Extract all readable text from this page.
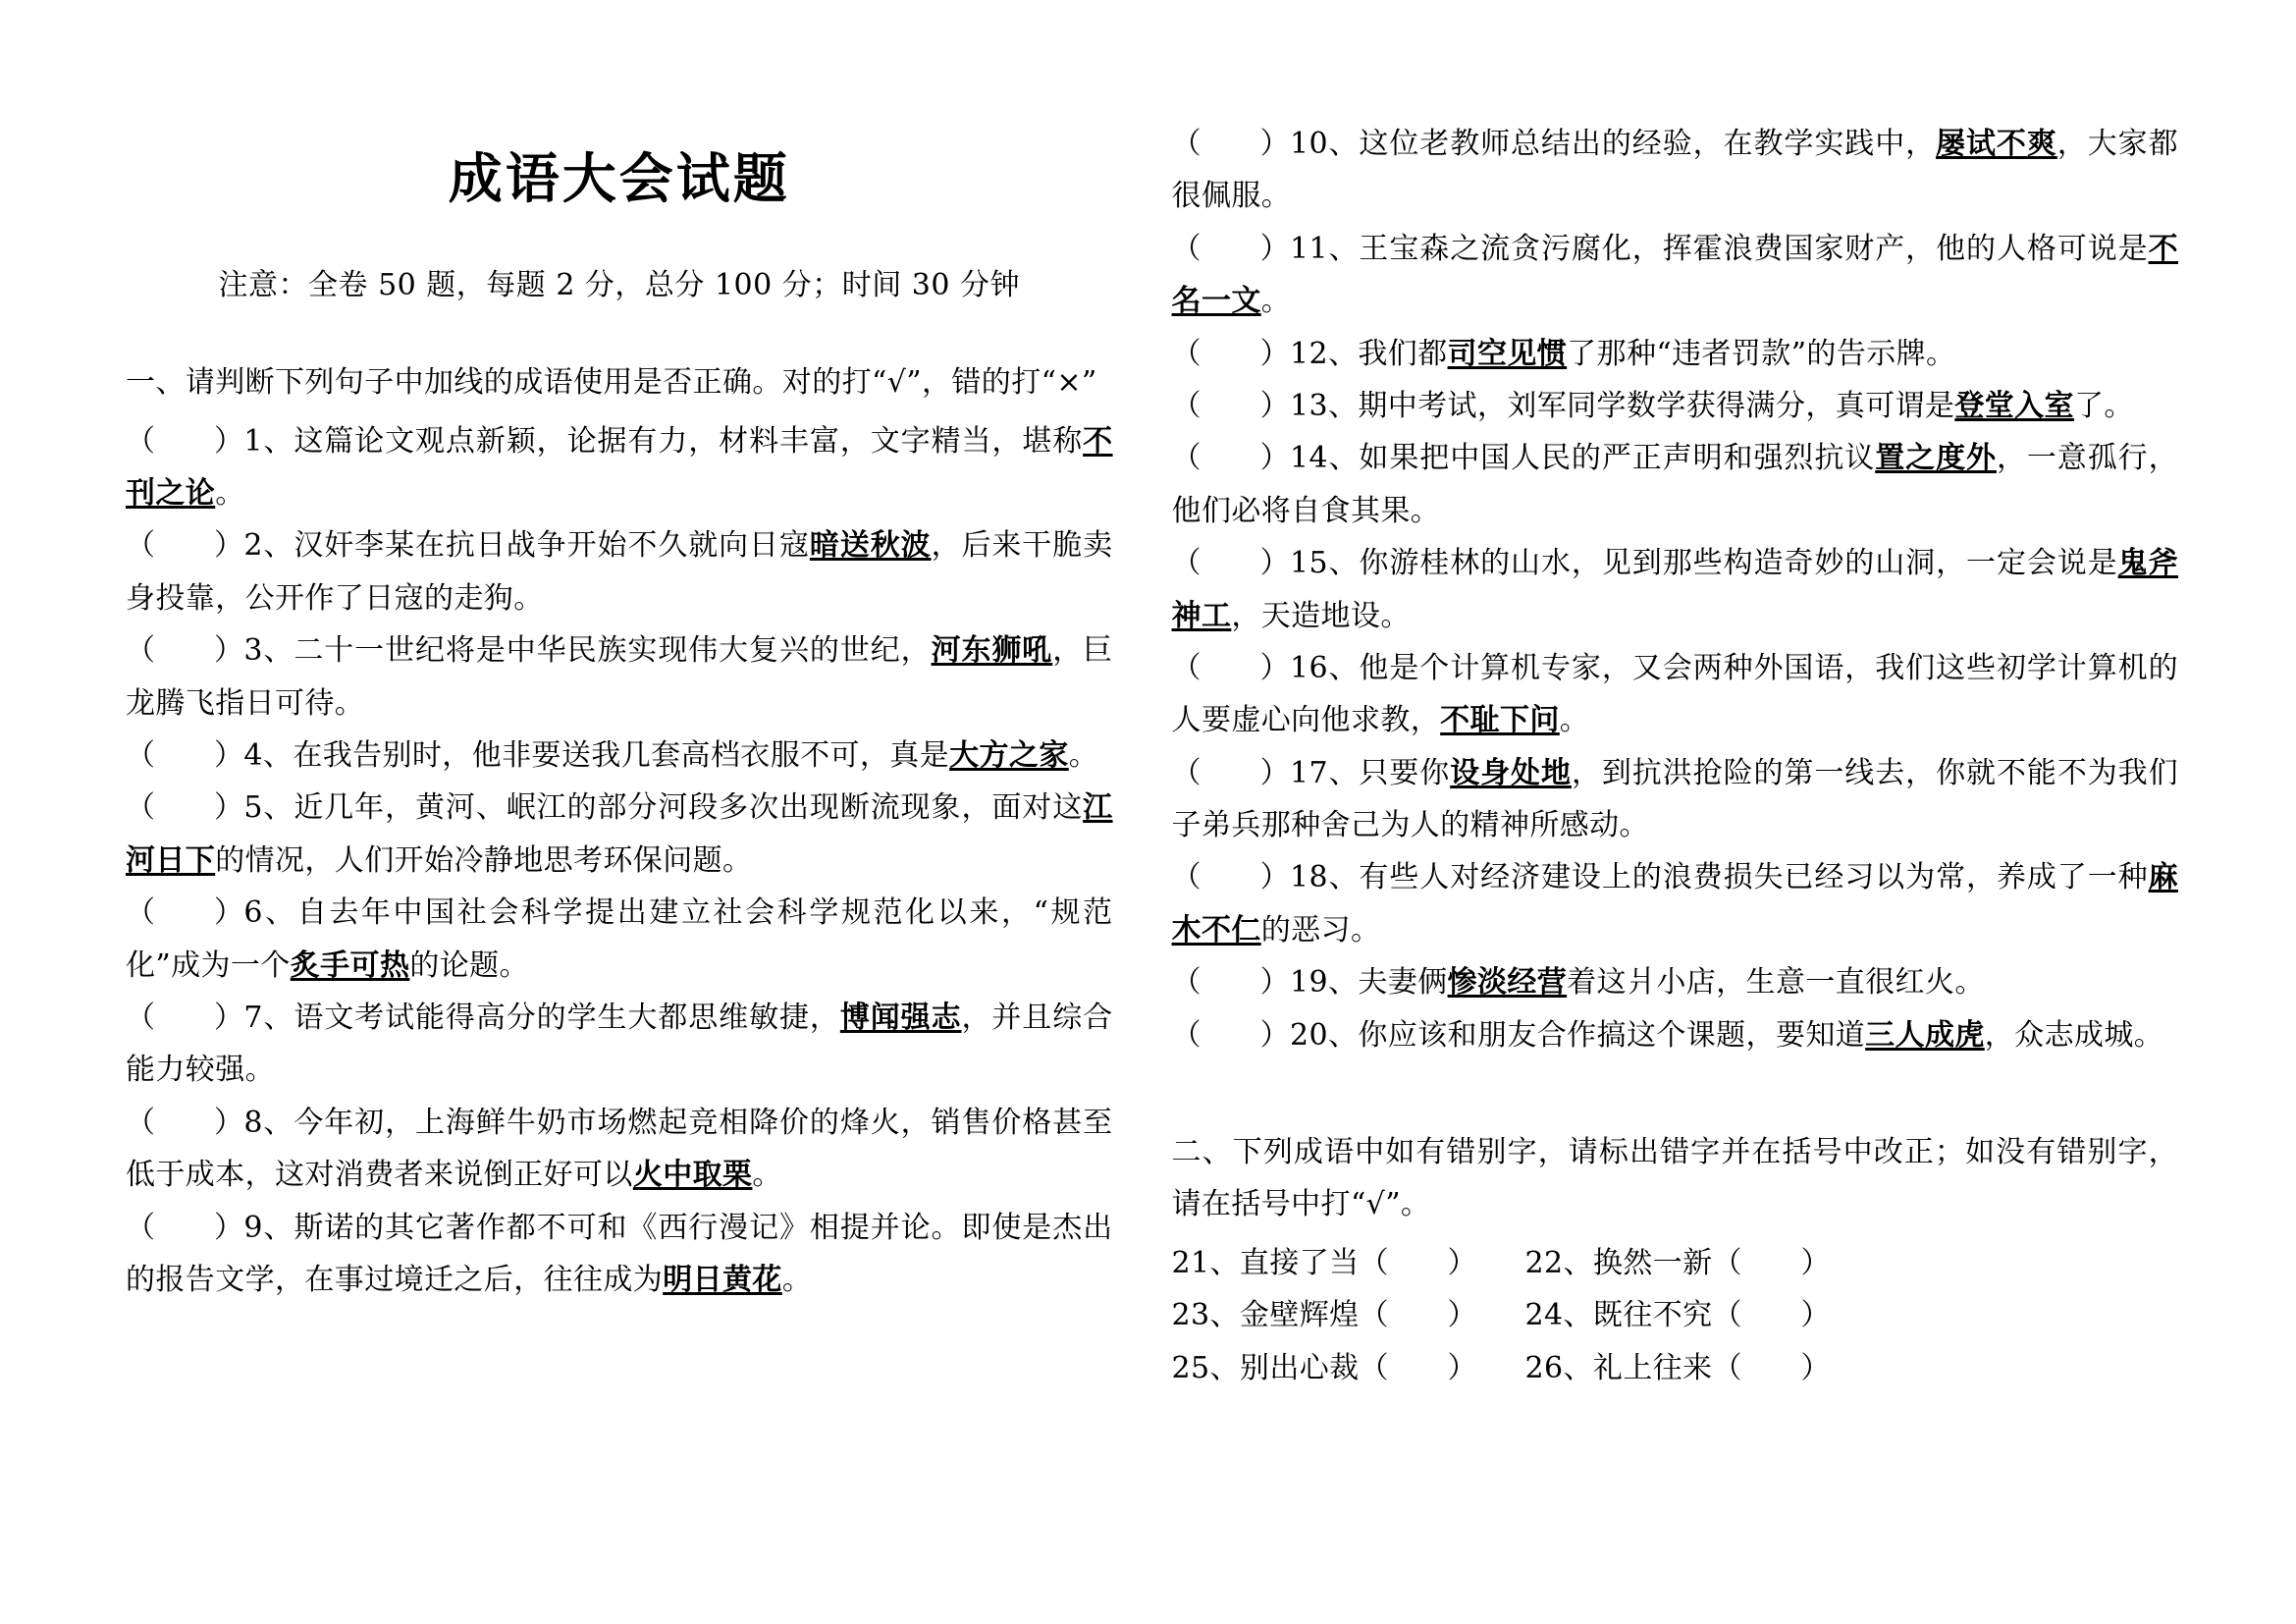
成语大会试题

注意：全卷 50 题，每题 2 分，总分 100 分；时间 30 分钟

一、请判断下列句子中加线的成语使用是否正确。对的打“√”，错的打“×”

（      ）1、这篇论文观点新颖，论据有力，材料丰富，文字精当，堪称不刊之论。

（      ）2、汉奸李某在抗日战争开始不久就向日寇暗送秋波，后来干脆卖身投靠，公开作了日寇的走狗。

（      ）3、二十一世纪将是中华民族实现伟大复兴的世纪，河东狮吼，巨龙腾飞指日可待。

（      ）4、在我告别时，他非要送我几套高档衣服不可，真是大方之家。

（      ）5、近几年，黄河、岷江的部分河段多次出现断流现象，面对这江河日下的情况，人们开始冷静地思考环保问题。

（      ）6、自去年中国社会科学提出建立社会科学规范化以来，“规范化”成为一个炙手可热的论题。

（      ）7、语文考试能得高分的学生大都思维敏捷，博闻强志，并且综合能力较强。

（      ）8、今年初，上海鲜牛奶市场燃起竞相降价的烽火，销售价格甚至低于成本，这对消费者来说倒正好可以火中取栗。

（      ）9、斯诺的其它著作都不可和《西行漫记》相提并论。即使是杰出的报告文学，在事过境迁之后，往往成为明日黄花。

（      ）10、这位老教师总结出的经验，在教学实践中，屡试不爽，大家都很佩服。

（      ）11、王宝森之流贪污腐化，挥霍浪费国家财产，他的人格可说是不名一文。

（      ）12、我们都司空见惯了那种“违者罚款”的告示牌。

（      ）13、期中考试，刘军同学数学获得满分，真可谓是登堂入室了。

（      ）14、如果把中国人民的严正声明和强烈抗议置之度外，一意孤行，他们必将自食其果。

（      ）15、你游桂林的山水，见到那些构造奇妙的山洞，一定会说是鬼斧神工，天造地设。

（      ）16、他是个计算机专家，又会两种外国语，我们这些初学计算机的人要虚心向他求教，不耻下问。

（      ）17、只要你设身处地，到抗洪抢险的第一线去，你就不能不为我们子弟兵那种舍己为人的精神所感动。

（      ）18、有些人对经济建设上的浪费损失已经习以为常，养成了一种麻木不仁的恶习。

（      ）19、夫妻俩惨淡经营着这爿小店，生意一直很红火。

（      ）20、你应该和朋友合作搞这个课题，要知道三人成虎，众志成城。

二、下列成语中如有错别字，请标出错字并在括号中改正；如没有错别字，请在括号中打“√”。

21、直接了当（      ）	22、换然一新（      ）
23、金壁辉煌（      ）	24、既往不究（      ）
25、别出心裁（      ）	26、礼上往来（      ）
